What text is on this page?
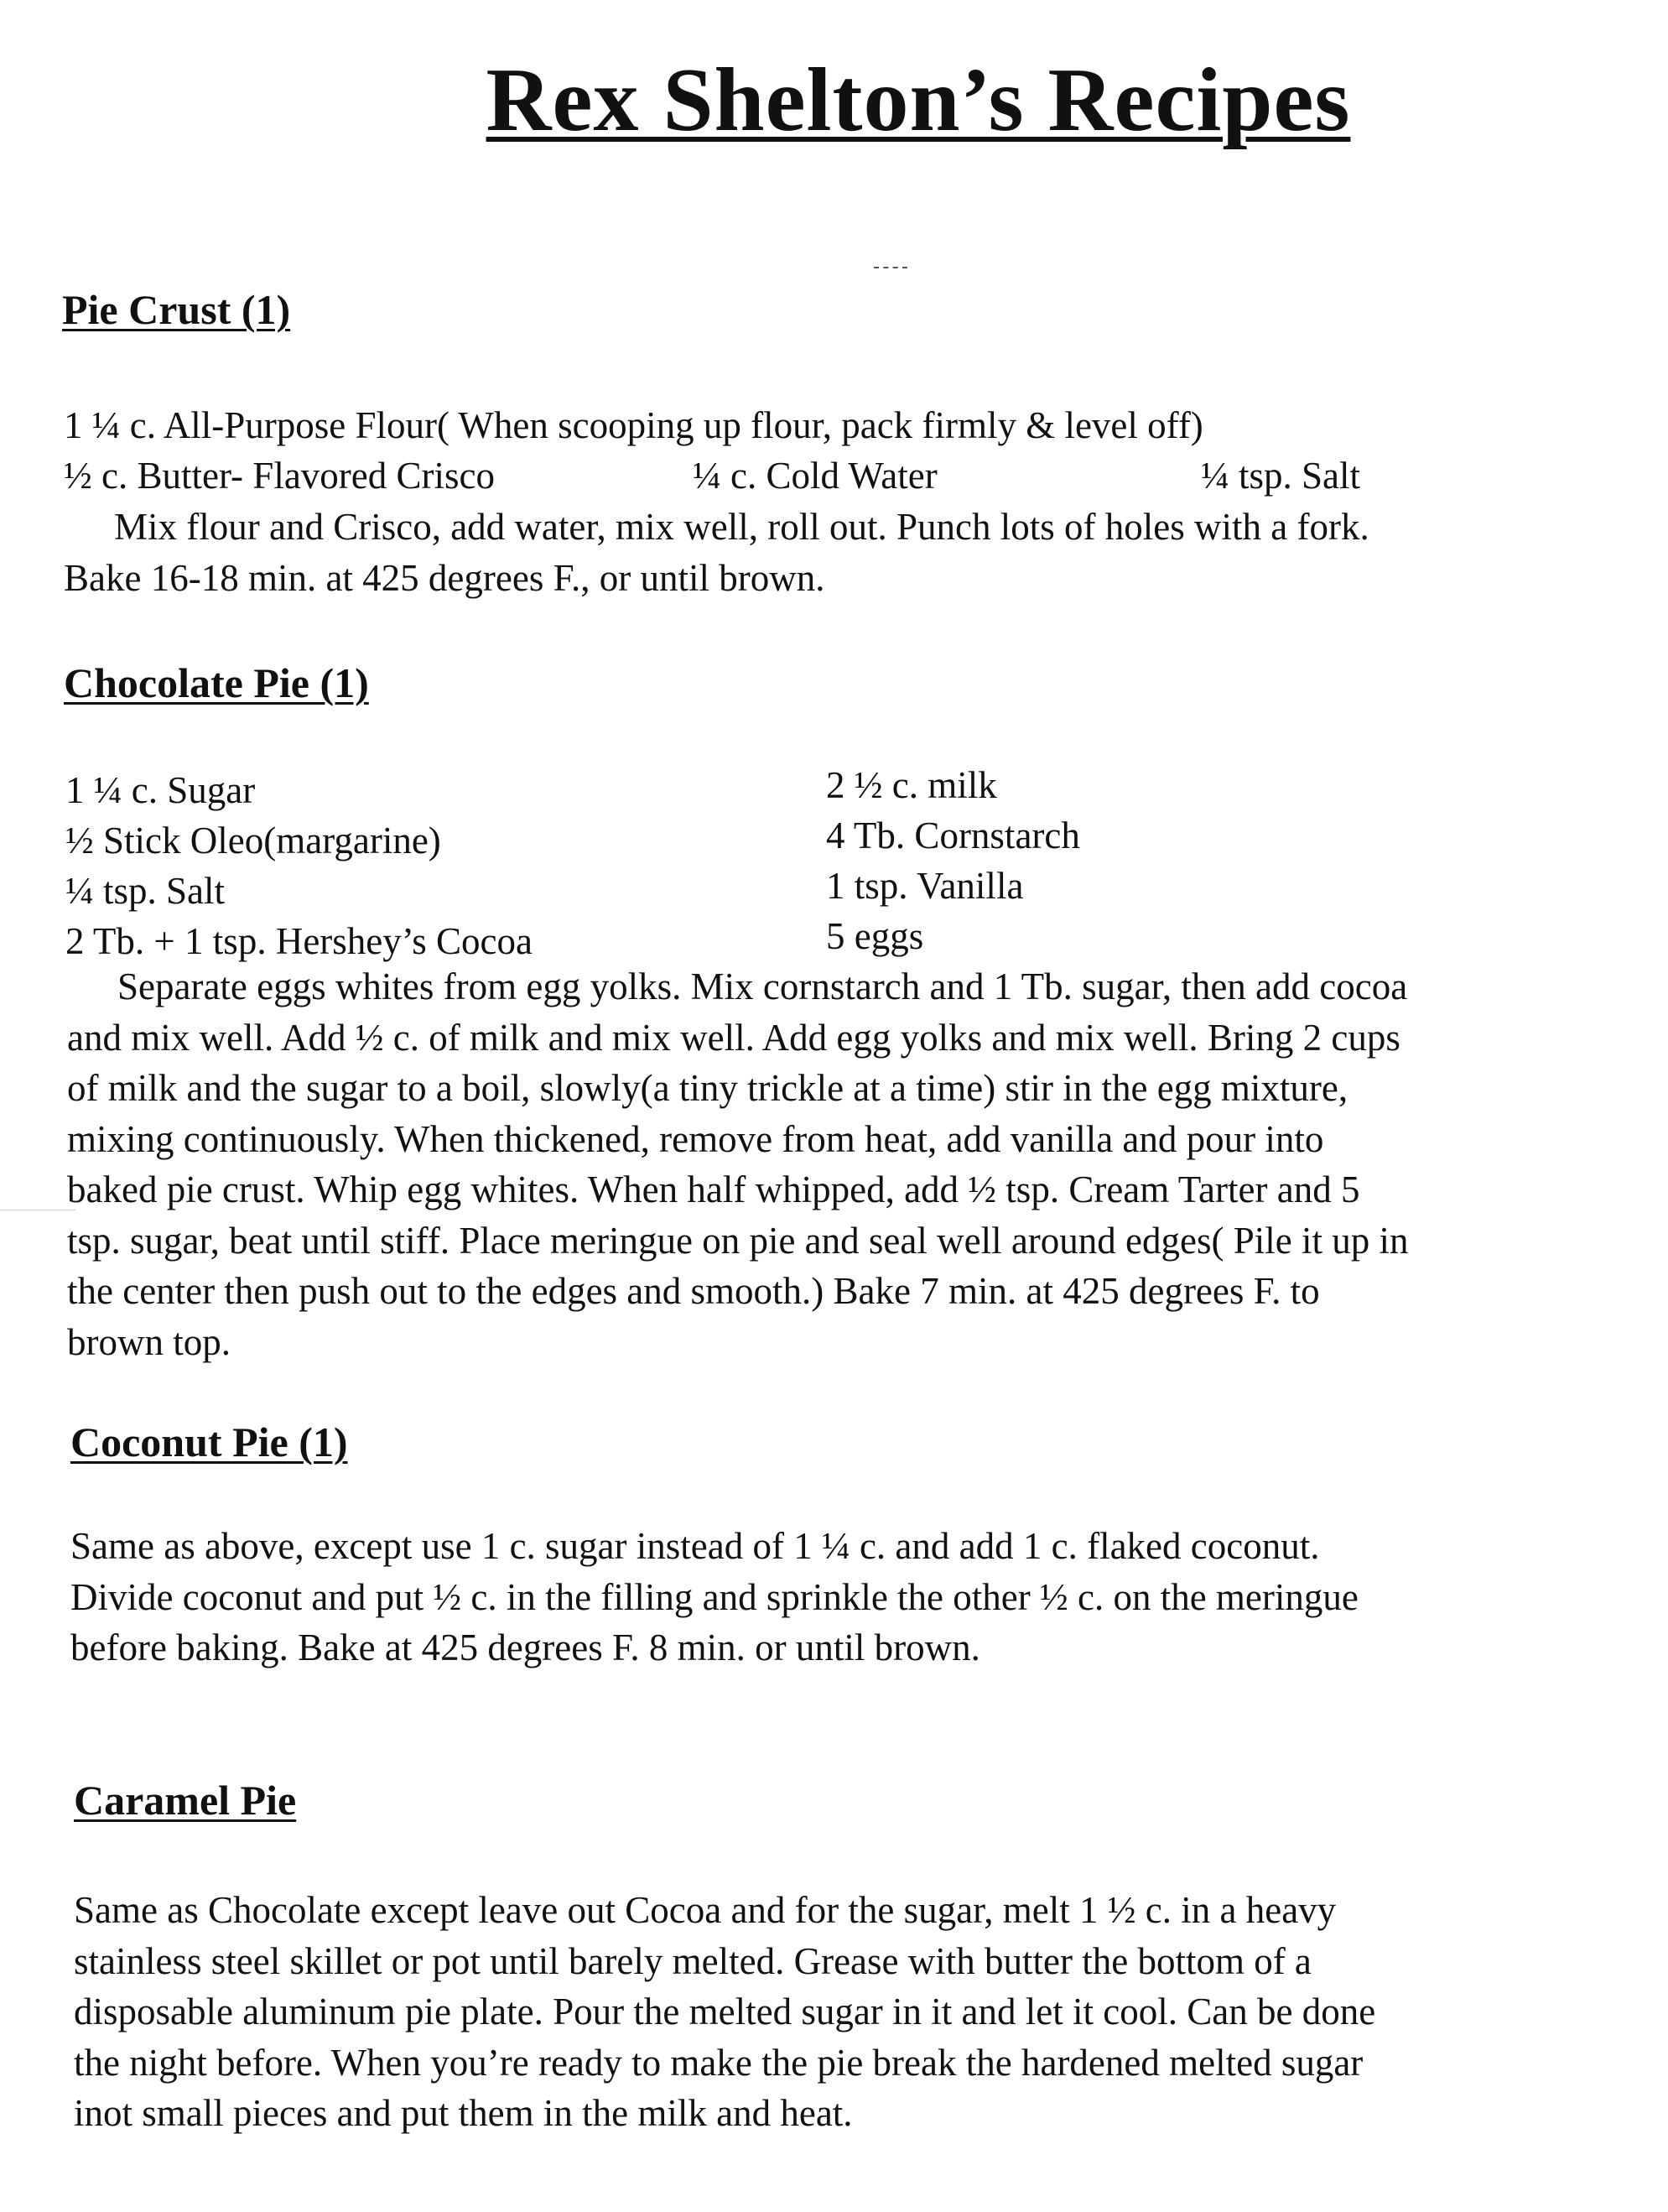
Rex Shelton’s Recipes
Pie Crust (1)

1 ¼ c. All-Purpose Flour( When scooping up flour, pack firmly & level off)

½ c. Butter- Flavored Crisco	¼ c. Cold Water	¼ tsp. Salt

Mix flour and Crisco, add water, mix well, roll out. Punch lots of holes with a fork.
Bake 16-18 min. at 425 degrees F., or until brown.
Chocolate Pie (1)

1 ¼ c. Sugar

½ Stick Oleo(margarine)

¼ tsp. Salt

2 Tb. + 1 tsp. Hershey’s Cocoa

2 ½ c. milk

4 Tb. Cornstarch

1 tsp. Vanilla

5 eggs

Separate eggs whites from egg yolks. Mix cornstarch and 1 Tb. sugar, then add cocoa
and mix well. Add ½ c. of milk and mix well. Add egg yolks and mix well. Bring 2 cups
of milk and the sugar to a boil, slowly(a tiny trickle at a time) stir in the egg mixture,
mixing continuously. When thickened, remove from heat, add vanilla and pour into
baked pie crust. Whip egg whites. When half whipped, add ½ tsp. Cream Tarter and 5
tsp. sugar, beat until stiff. Place meringue on pie and seal well around edges( Pile it up in
the center then push out to the edges and smooth.) Bake 7 min. at 425 degrees F. to
brown top.
Coconut Pie (1)
Same as above, except use 1 c. sugar instead of 1 ¼ c. and add 1 c. flaked coconut.
Divide coconut and put ½ c. in the filling and sprinkle the other ½ c. on the meringue
before baking. Bake at 425 degrees F. 8 min. or until brown.
Caramel Pie
Same as Chocolate except leave out Cocoa and for the sugar, melt 1 ½ c. in a heavy
stainless steel skillet or pot until barely melted. Grease with butter the bottom of a
disposable aluminum pie plate. Pour the melted sugar in it and let it cool. Can be done
the night before. When you’re ready to make the pie break the hardened melted sugar
inot small pieces and put them in the milk and heat.
